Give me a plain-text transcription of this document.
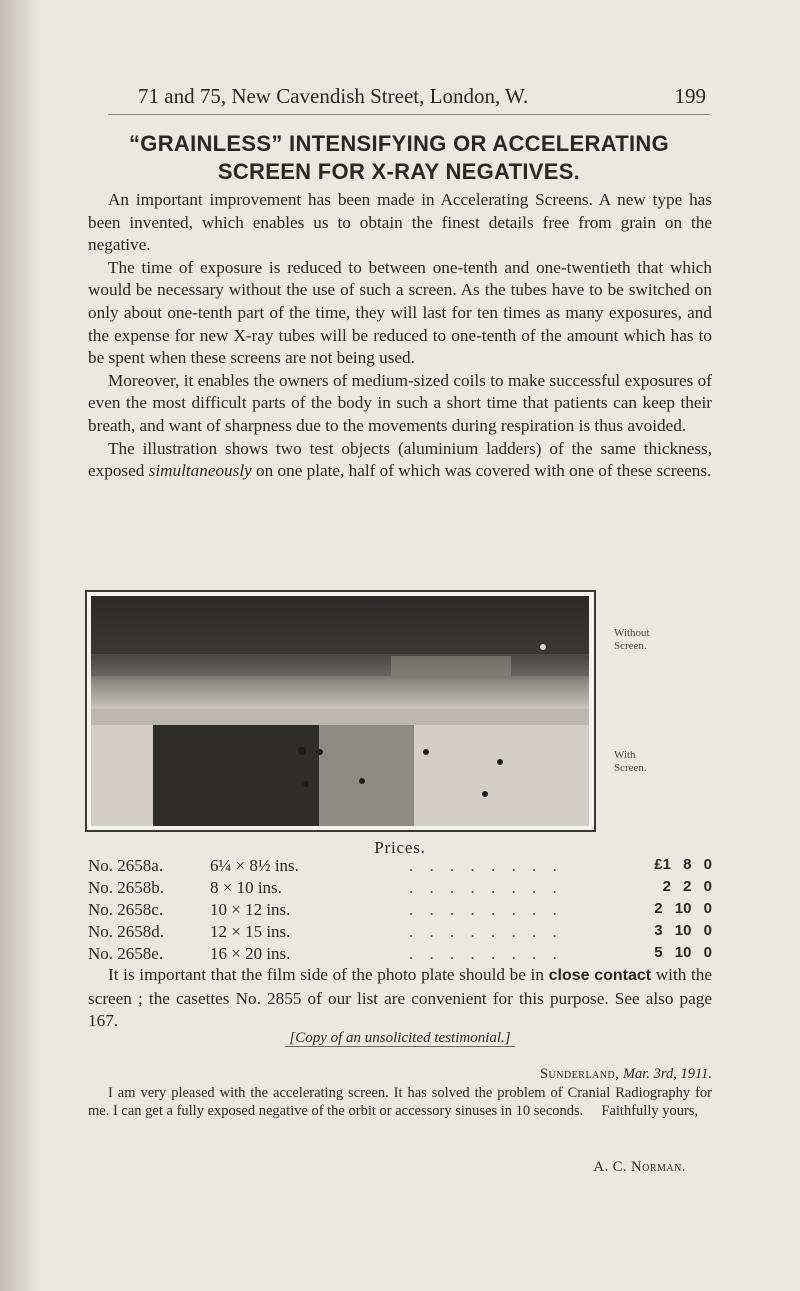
71 and 75, New Cavendish Street, London, W.	199
“GRAINLESS” INTENSIFYING OR ACCELERATING
SCREEN FOR X-RAY NEGATIVES.

An important improvement has been made in Accelerating Screens. A new type has been invented, which enables us to obtain the finest details free from grain on the negative.

The time of exposure is reduced to between one-tenth and one-twentieth that which would be necessary without the use of such a screen. As the tubes have to be switched on only about one-tenth part of the time, they will last for ten times as many exposures, and the expense for new X-ray tubes will be reduced to one-tenth of the amount which has to be spent when these screens are not being used.

Moreover, it enables the owners of medium-sized coils to make successful exposures of even the most difficult parts of the body in such a short time that patients can keep their breath, and want of sharpness due to the movements during respiration is thus avoided.

The illustration shows two test objects (aluminium ladders) of the same thickness, exposed simultaneously on one plate, half of which was covered with one of these screens.

Without
Screen.
With
Screen.
Prices.
No. 2658a.	6¼ × 8½ ins.	. . . . . . . .	£1 8 0
No. 2658b.	8 × 10 ins.	. . . . . . . .	2 2 0
No. 2658c.	10 × 12 ins.	. . . . . . . .	2 10 0
No. 2658d.	12 × 15 ins.	. . . . . . . .	3 10 0
No. 2658e.	16 × 20 ins.	. . . . . . . .	5 10 0

It is important that the film side of the photo plate should be in close contact with the screen ; the casettes No. 2855 of our list are convenient for this purpose. See also page 167.

[Copy of an unsolicited testimonial.]
Sunderland, Mar. 3rd, 1911.

I am very pleased with the accelerating screen. It has solved the problem of Cranial Radiography for me. I can get a fully exposed negative of the orbit or accessory sinuses in 10 seconds. Faithfully yours,

A. C. Norman.
